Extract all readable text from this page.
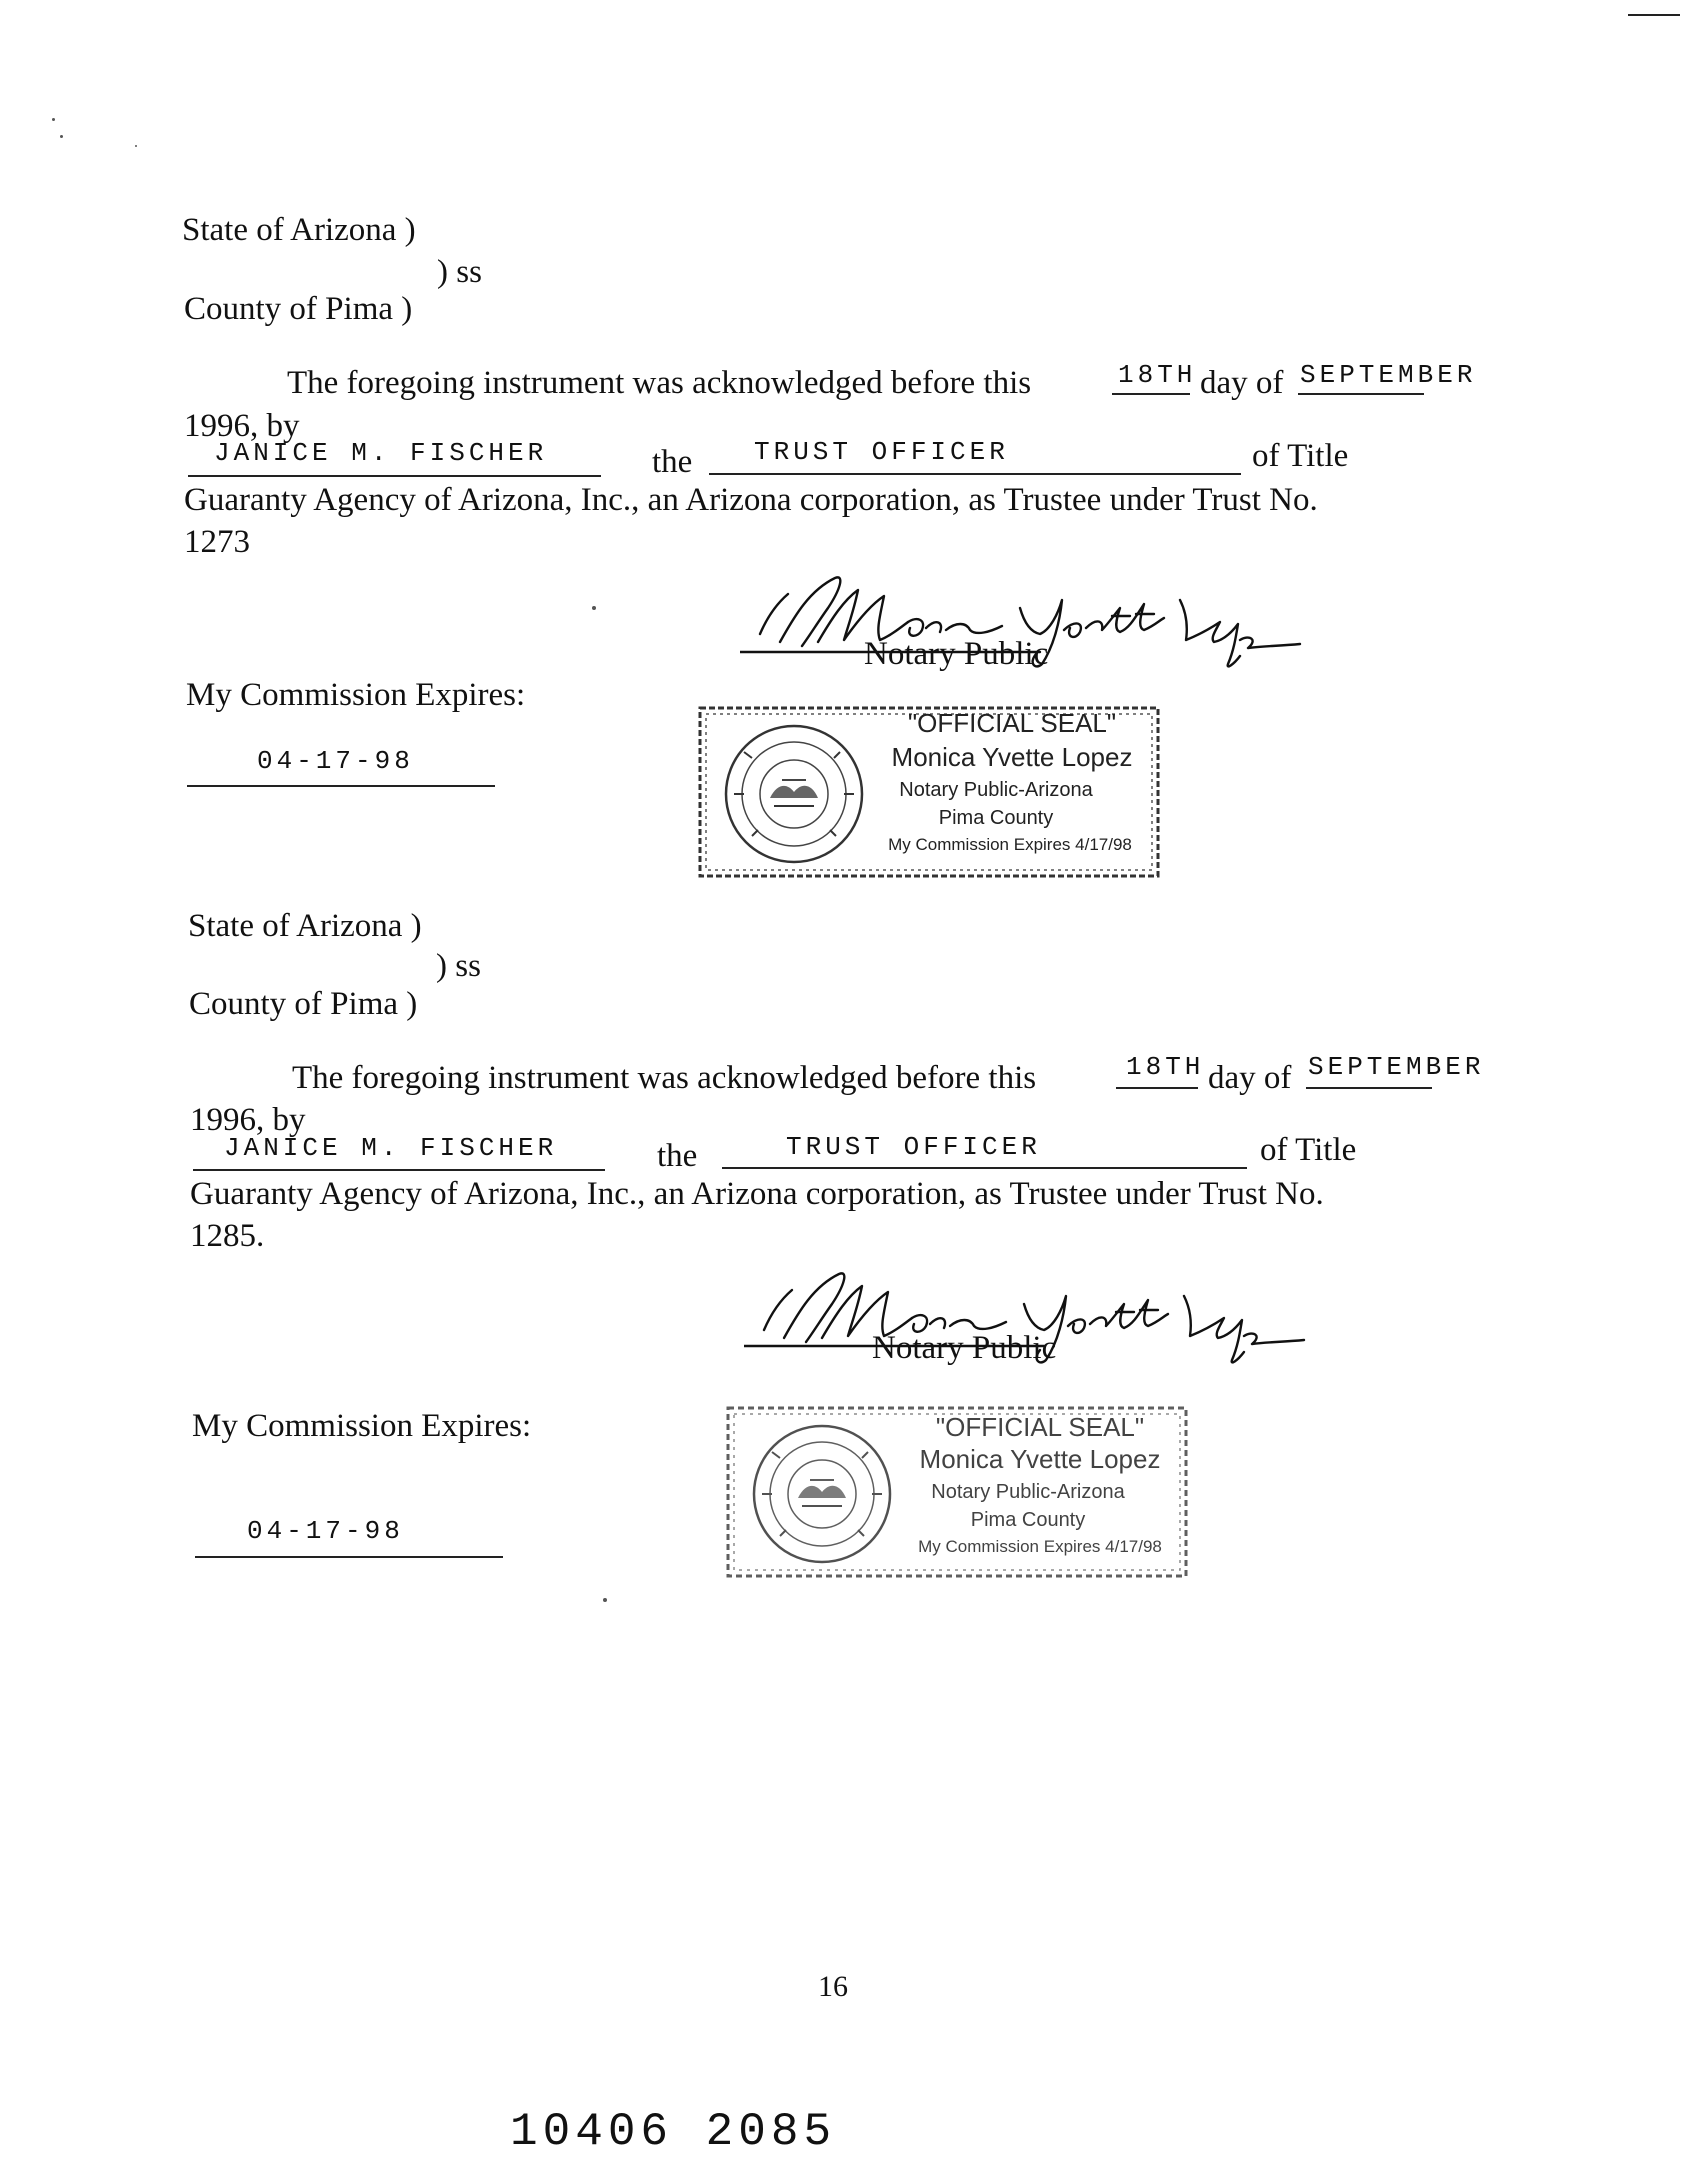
State of Arizona )
) ss
County of Pima )
The foregoing instrument was acknowledged before this	18TH day of SEPTEMBER
1996, by
JANICE M. FISCHER	the TRUST OFFICER	of Title
Guaranty Agency of Arizona, Inc., an Arizona corporation, as Trustee under Trust No.
1273
Notary Public
My Commission Expires:
04-17-98
"OFFICIAL SEAL"
Monica Yvette Lopez
Notary Public-Arizona
Pima County
My Commission Expires 4/17/98
State of Arizona )
) ss
County of Pima )
The foregoing instrument was acknowledged before this	18TH day of SEPTEMBER
1996, by
JANICE M. FISCHER	the	TRUST OFFICER	of Title
Guaranty Agency of Arizona, Inc., an Arizona corporation, as Trustee under Trust No.
1285.
Notary Public
My Commission Expires:
04-17-98
"OFFICIAL SEAL"
Monica Yvette Lopez
Notary Public-Arizona
Pima County
My Commission Expires 4/17/98
16
10406 2085
